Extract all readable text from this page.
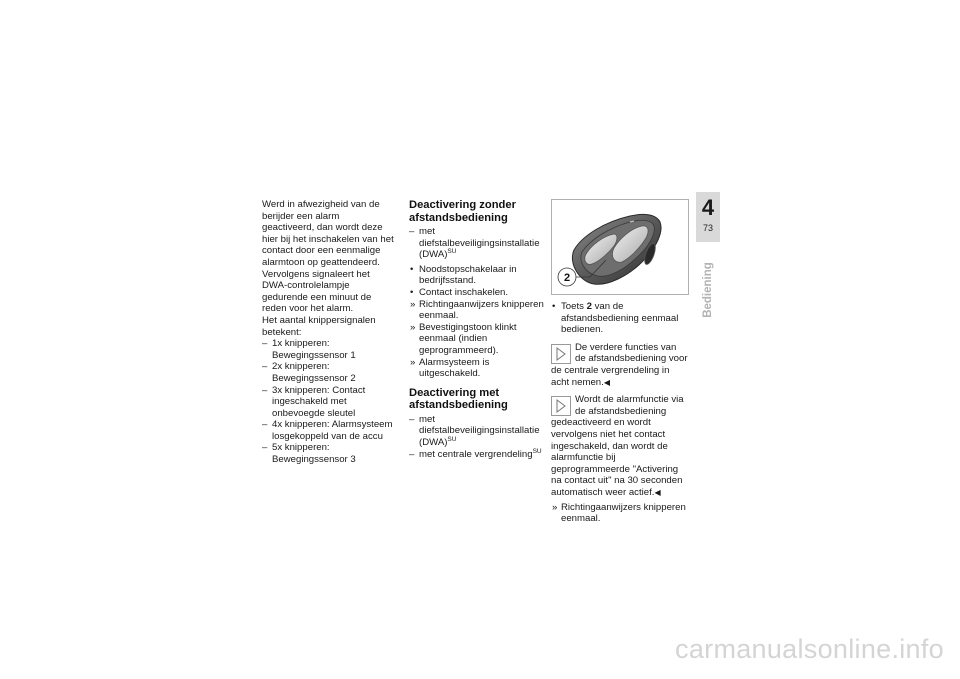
Werd in afwezigheid van de berijder een alarm geactiveerd, dan wordt deze hier bij het inschakelen van het contact door een eenmalige alarmtoon op geattendeerd. Vervolgens signaleert het DWA-controlelampje gedurende een minuut de reden voor het alarm.

Het aantal knippersignalen betekent:

– 1x knipperen: Bewegingssensor 1
– 2x knipperen: Bewegingssensor 2
– 3x knipperen: Contact ingeschakeld met onbevoegde sleutel
– 4x knipperen: Alarmsysteem losgekoppeld van de accu
– 5x knipperen: Bewegingssensor 3
Deactivering zonder afstandsbediening
– met diefstalbeveiligingsinstallatie (DWA)$^{SU}$
• Noodstopschakelaar in bedrijfsstand.
• Contact inschakelen.
» Richtingaanwijzers knipperen eenmaal.
» Bevestigingstoon klinkt eenmaal (indien geprogrammeerd).
» Alarmsysteem is uitgeschakeld.
Deactivering met afstandsbediening
– met diefstalbeveiligingsinstallatie (DWA)$^{SU}$
– met centrale vergrendeling$^{SU}$
2
• Toets 2 van de afstandsbediening eenmaal bedienen.
De verdere functies van de afstandsbediening voor de centrale vergrendeling in acht nemen.◀
Wordt de alarmfunctie via de afstandsbediening gedeactiveerd en wordt vervolgens niet het contact ingeschakeld, dan wordt de alarmfunctie bij geprogrammeerde "Activering na contact uit" na 30 seconden automatisch weer actief.◀
» Richtingaanwijzers knipperen eenmaal.
4
73
Bediening
carmanualsonline.info
